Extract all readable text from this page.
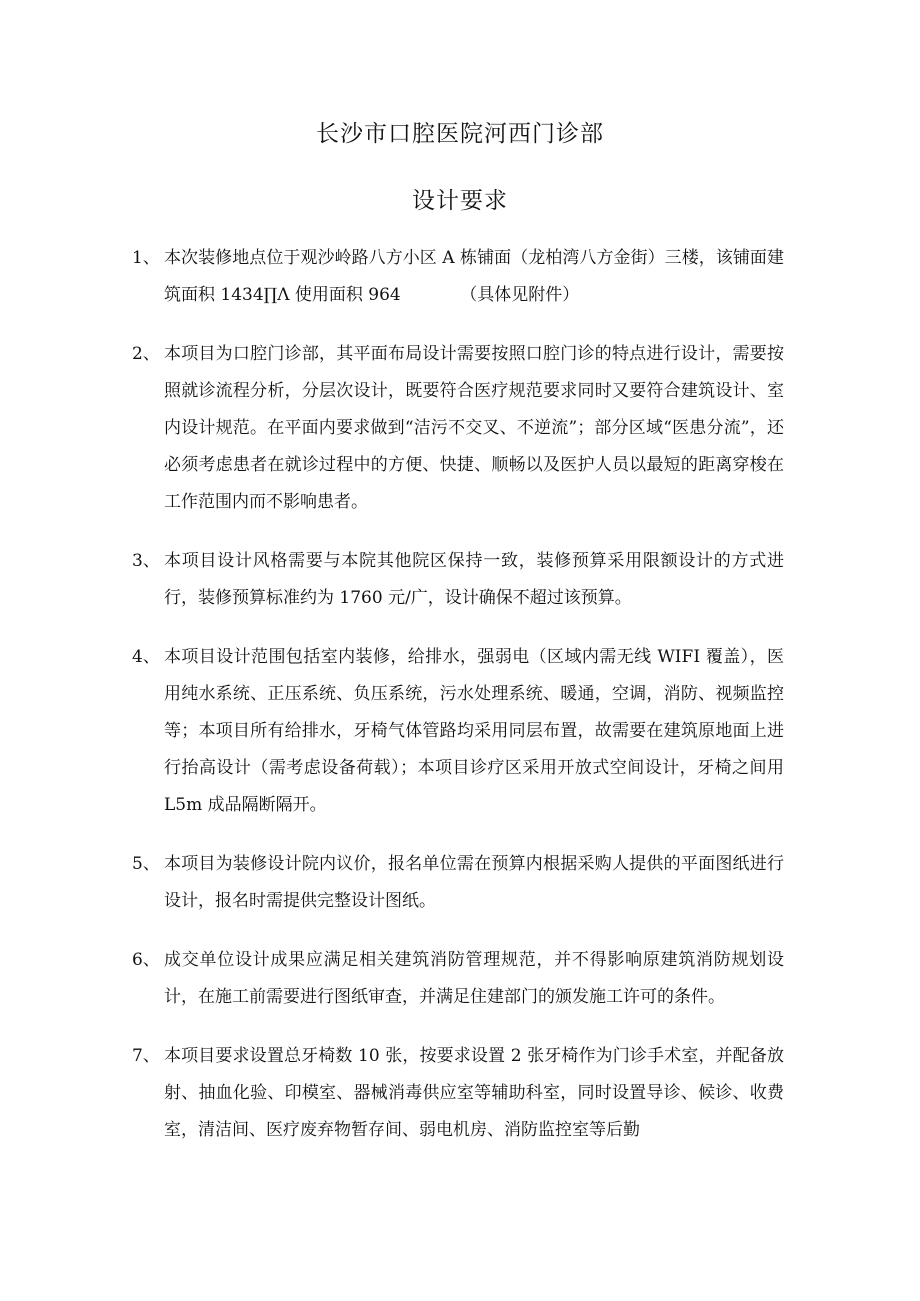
长沙市口腔医院河西门诊部
设计要求
1、 本次装修地点位于观沙岭路八方小区 A 栋铺面（龙柏湾八方金街）三楼，该铺面建筑面积 1434∏Λ 使用面积 964　　　　（具体见附件）
2、 本项目为口腔门诊部，其平面布局设计需要按照口腔门诊的特点进行设计，需要按照就诊流程分析，分层次设计，既要符合医疗规范要求同时又要符合建筑设计、室内设计规范。在平面内要求做到“洁污不交叉、不逆流”；部分区域“医患分流”，还必须考虑患者在就诊过程中的方便、快捷、顺畅以及医护人员以最短的距离穿梭在工作范围内而不影响患者。
3、 本项目设计风格需要与本院其他院区保持一致，装修预算采用限额设计的方式进行，装修预算标准约为 1760 元/广，设计确保不超过该预算。
4、 本项目设计范围包括室内装修，给排水，强弱电（区域内需无线 WIFI 覆盖），医用纯水系统、正压系统、负压系统，污水处理系统、暖通，空调，消防、视频监控等；本项目所有给排水，牙椅气体管路均采用同层布置，故需要在建筑原地面上进行抬高设计（需考虑设备荷载）；本项目诊疗区采用开放式空间设计，牙椅之间用 L5m 成品隔断隔开。
5、 本项目为装修设计院内议价，报名单位需在预算内根据采购人提供的平面图纸进行设计，报名时需提供完整设计图纸。
6、 成交单位设计成果应满足相关建筑消防管理规范，并不得影响原建筑消防规划设计，在施工前需要进行图纸审查，并满足住建部门的颁发施工许可的条件。
7、 本项目要求设置总牙椅数 10 张，按要求设置 2 张牙椅作为门诊手术室，并配备放射、抽血化验、印模室、器械消毒供应室等辅助科室，同时设置导诊、候诊、收费室，清洁间、医疗废弃物暂存间、弱电机房、消防监控室等后勤
